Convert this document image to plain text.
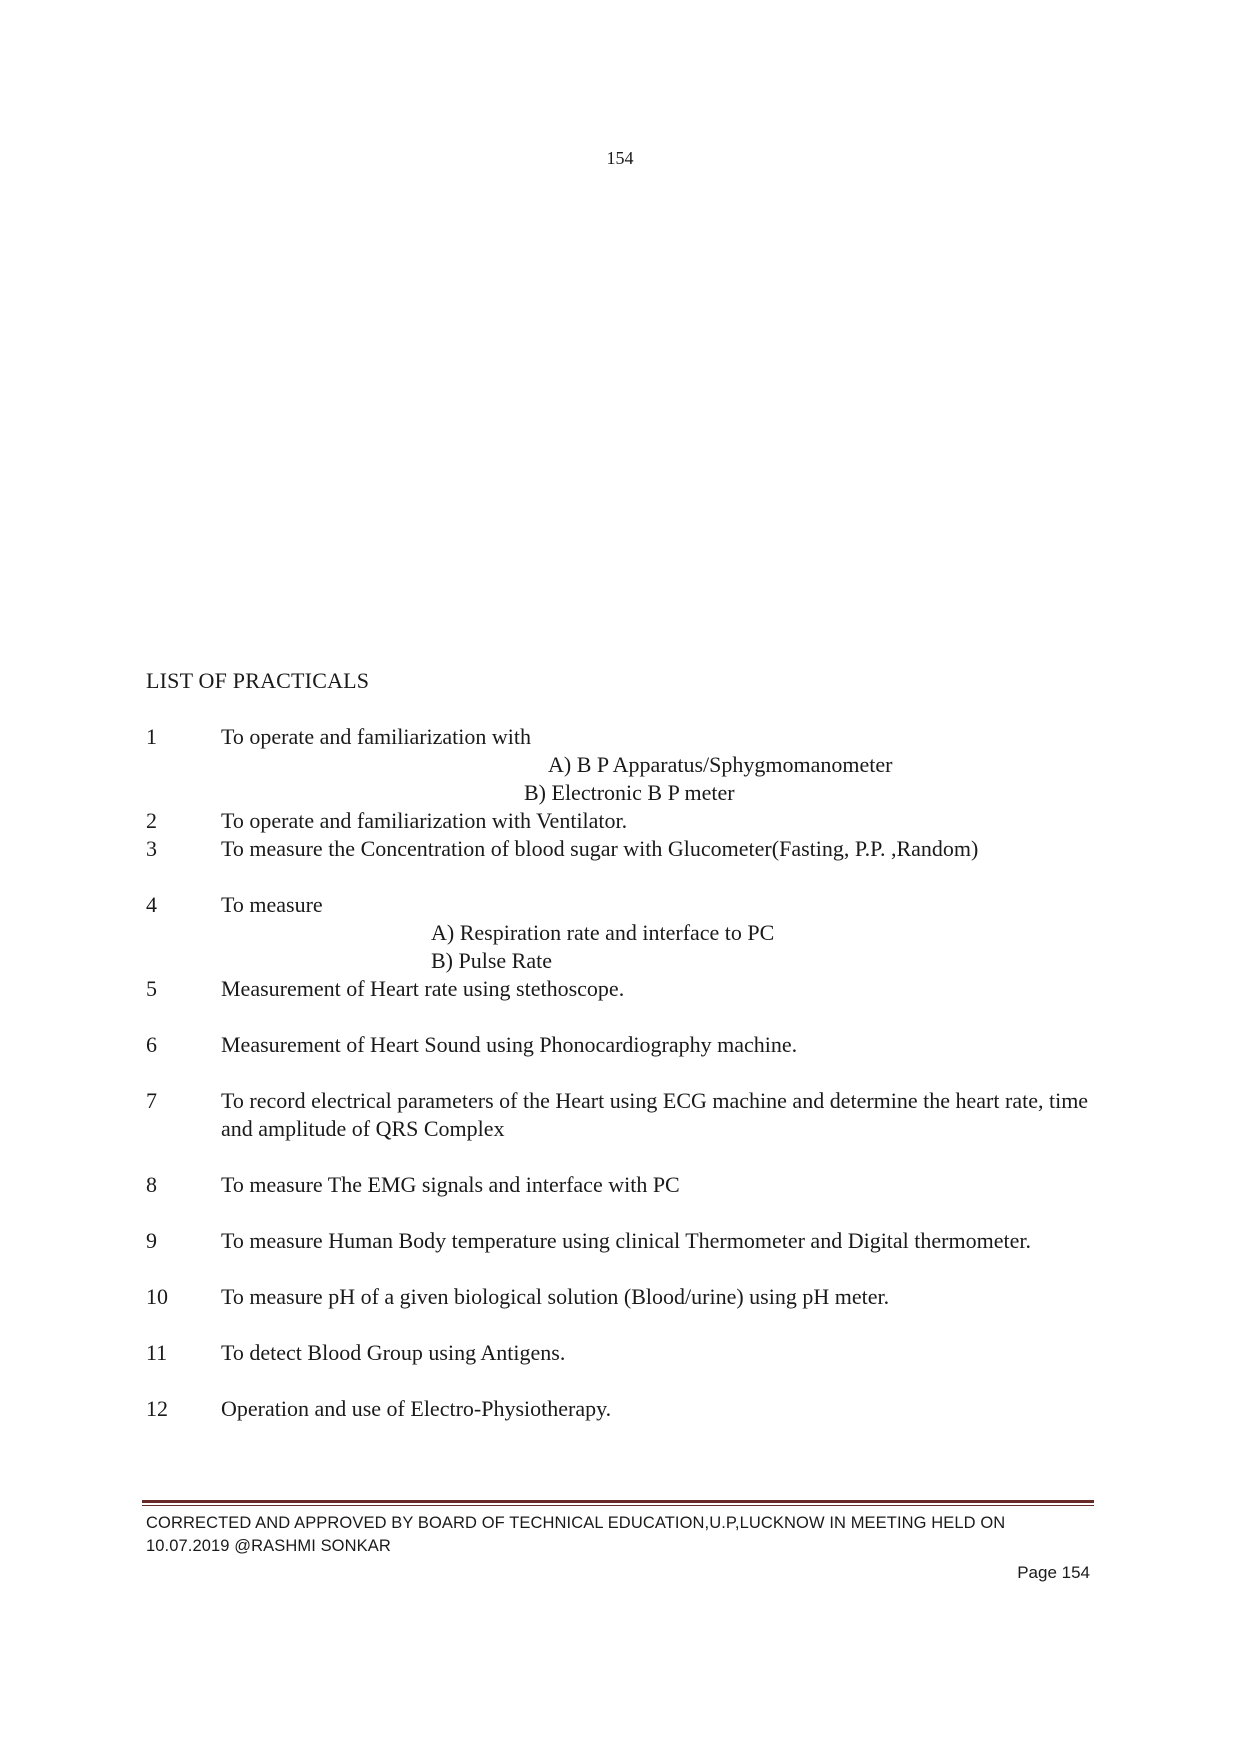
154
LIST OF PRACTICALS
1	To operate and familiarization with
A) B P Apparatus/Sphygmomanometer
B) Electronic B P meter
2	To operate and familiarization with Ventilator.
3	To measure the Concentration of blood sugar with Glucometer(Fasting, P.P. ,Random)
4	To measure
A) Respiration rate and interface to PC
B) Pulse Rate
5	Measurement of Heart rate using stethoscope.
6	Measurement of Heart Sound using Phonocardiography machine.
7	To record electrical parameters of the Heart using ECG machine and determine the heart rate, time and amplitude of QRS Complex
8	To measure The EMG signals and interface with PC
9	To measure Human Body temperature using clinical Thermometer and Digital thermometer.
10	To measure pH of a given biological solution (Blood/urine) using pH meter.
11	To detect Blood Group using Antigens.
12	Operation and use of Electro-Physiotherapy.
CORRECTED AND APPROVED BY BOARD OF TECHNICAL EDUCATION,U.P,LUCKNOW IN MEETING HELD ON
10.07.2019 @RASHMI SONKAR
Page 154
